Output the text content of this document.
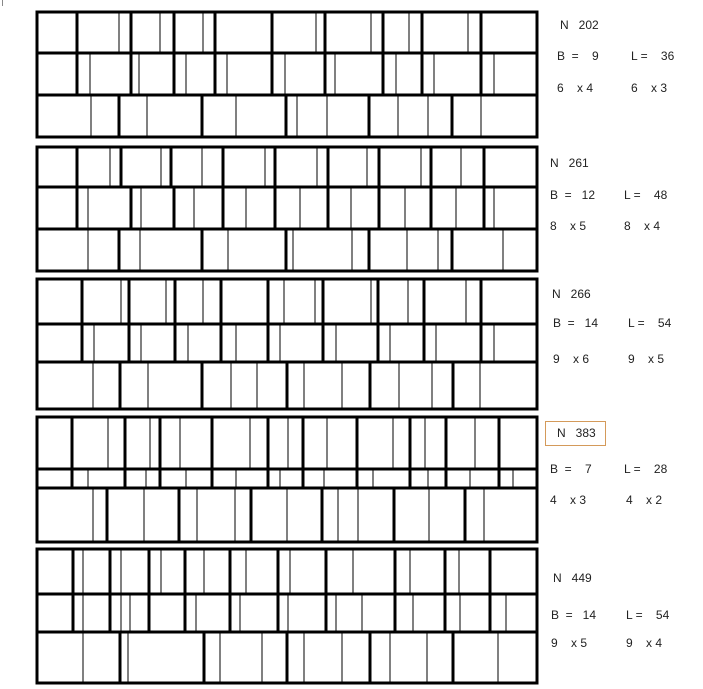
N   202
B  =    9	L =    36
6    x 4	6    x 3
N   261
B  =   12 L =    48
8    x 5	8    x 4
N   266
B  =   14 L =    54
9    x 6	9    x 5
N   383
B  =    7	L =    28
4    x 3	4    x 2
N   449
B  =   14 L =    54
9    x 5	9    x 4
